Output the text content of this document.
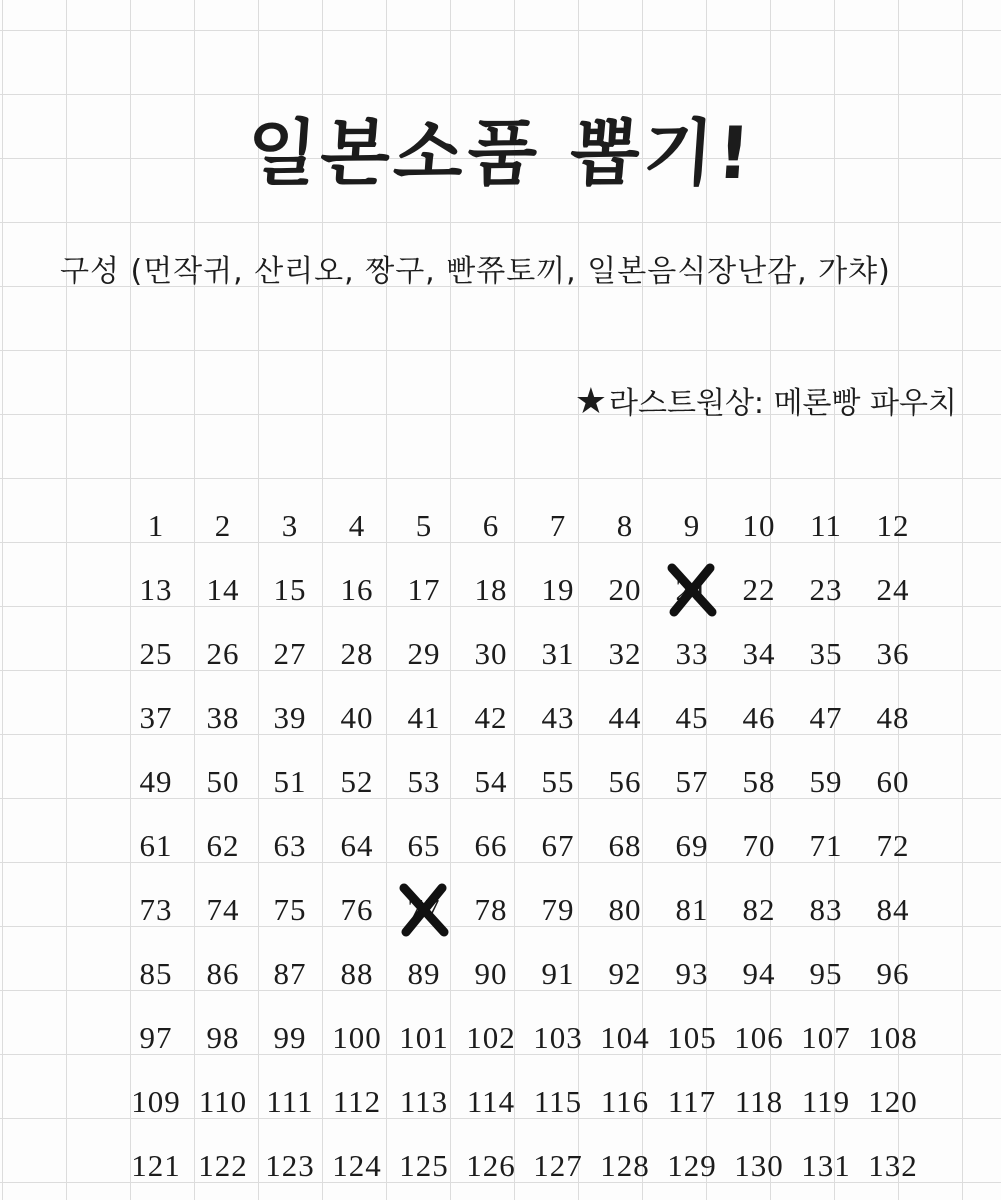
일본소품 뽑기!
구성 (먼작귀, 산리오, 짱구, 빤쮸토끼, 일본음식장난감, 가챠)
★라스트원상: 메론빵 파우치
1	2	3	4	5	6	7	8	9	10	11	12
13	14	15	16	17	18	19	20	21	22	23	24
25	26	27	28	29	30	31	32	33	34	35	36
37	38	39	40	41	42	43	44	45	46	47	48
49	50	51	52	53	54	55	56	57	58	59	60
61	62	63	64	65	66	67	68	69	70	71	72
73	74	75	76	77	78	79	80	81	82	83	84
85	86	87	88	89	90	91	92	93	94	95	96
97	98	99 100 101 102 103 104 105 106 107 108
109 110 111 112 113 114 115 116 117 118 119 120
121 122 123 124 125 126 127 128 129 130 131 132
